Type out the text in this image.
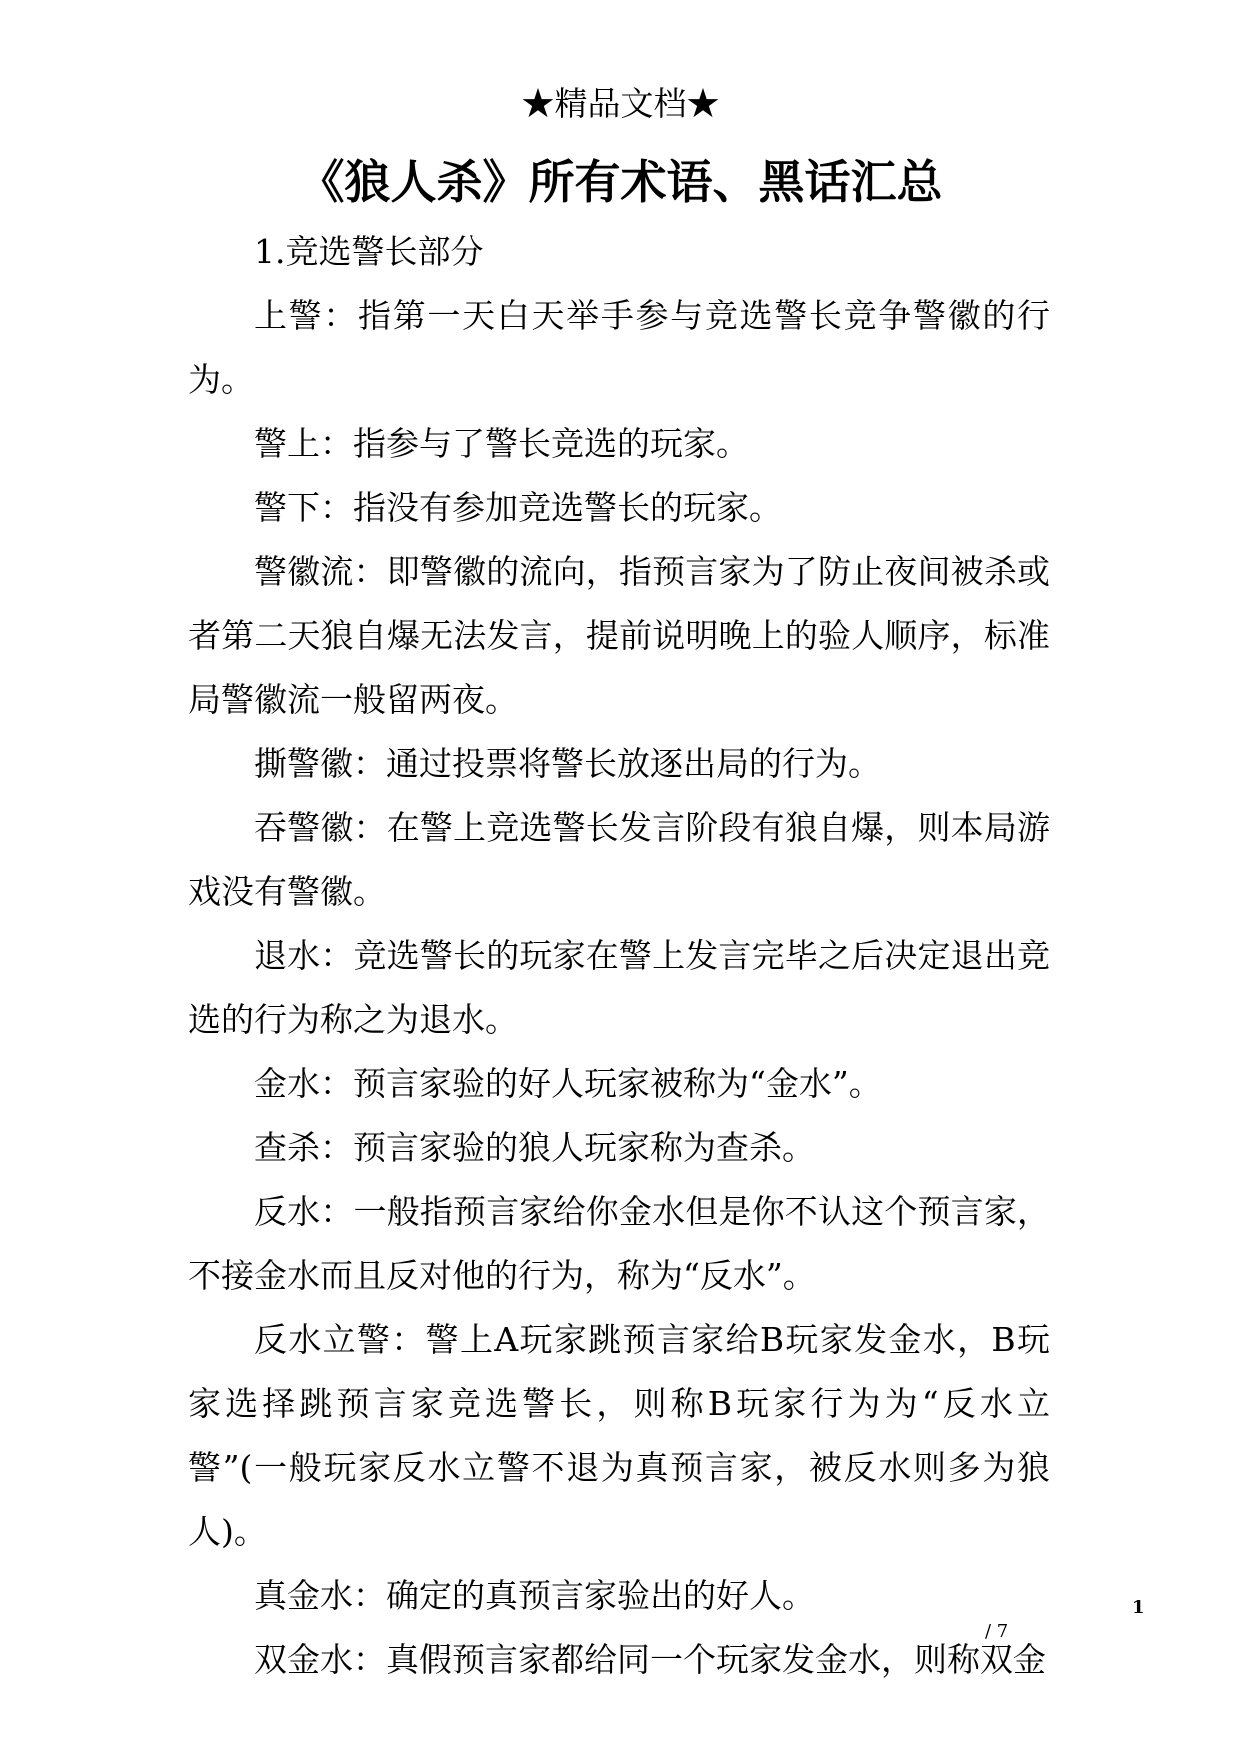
★精品文档★
《狼人杀》所有术语、黑话汇总

1.竞选警长部分

上警：指第一天白天举手参与竞选警长竞争警徽的行为。

警上：指参与了警长竞选的玩家。

警下：指没有参加竞选警长的玩家。

警徽流：即警徽的流向，指预言家为了防止夜间被杀或者第二天狼自爆无法发言，提前说明晚上的验人顺序，标准局警徽流一般留两夜。

撕警徽：通过投票将警长放逐出局的行为。

吞警徽：在警上竞选警长发言阶段有狼自爆，则本局游戏没有警徽。

退水：竞选警长的玩家在警上发言完毕之后决定退出竞选的行为称之为退水。

金水：预言家验的好人玩家被称为“金水”。

查杀：预言家验的狼人玩家称为查杀。

反水：一般指预言家给你金水但是你不认这个预言家，不接金水而且反对他的行为，称为“反水”。

反水立警：警上A玩家跳预言家给B玩家发金水，B玩家选择跳预言家竞选警长，则称B玩家行为为“反水立警”(一般玩家反水立警不退为真预言家，被反水则多为狼人)。

真金水：确定的真预言家验出的好人。

双金水：真假预言家都给同一个玩家发金水，则称双金

1
/ 7
